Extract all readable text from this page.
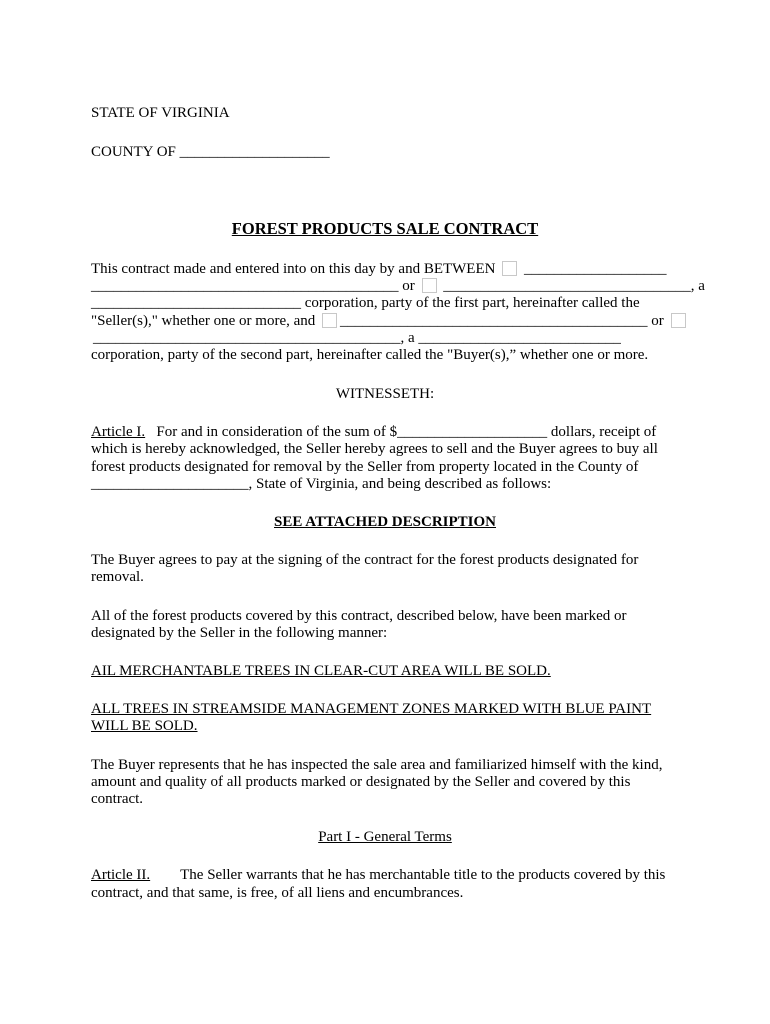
STATE OF VIRGINIA
COUNTY OF ____________________
FOREST PRODUCTS SALE CONTRACT
This contract made and entered into on this day by and BETWEEN ___________________
_________________________________________ or _________________________________, a
____________________________ corporation, party of the first part, hereinafter called the
"Seller(s)," whether one or more, and _________________________________________ or
_________________________________________, a ___________________________
corporation, party of the second part, hereinafter called the "Buyer(s),” whether one or more.
WITNESSETH:
Article I. For and in consideration of the sum of $____________________ dollars, receipt of
which is hereby acknowledged, the Seller hereby agrees to sell and the Buyer agrees to buy all
forest products designated for removal by the Seller from property located in the County of
_____________________, State of Virginia, and being described as follows:
SEE ATTACHED DESCRIPTION
The Buyer agrees to pay at the signing of the contract for the forest products designated for
removal.
All of the forest products covered by this contract, described below, have been marked or
designated by the Seller in the following manner:
AIL MERCHANTABLE TREES IN CLEAR-CUT AREA WILL BE SOLD.
ALL TREES IN STREAMSIDE MANAGEMENT ZONES MARKED WITH BLUE PAINT
WILL BE SOLD.
The Buyer represents that he has inspected the sale area and familiarized himself with the kind,
amount and quality of all products marked or designated by the Seller and covered by this
contract.
Part I - General Terms
Article II. The Seller warrants that he has merchantable title to the products covered by this
contract, and that same, is free, of all liens and encumbrances.
